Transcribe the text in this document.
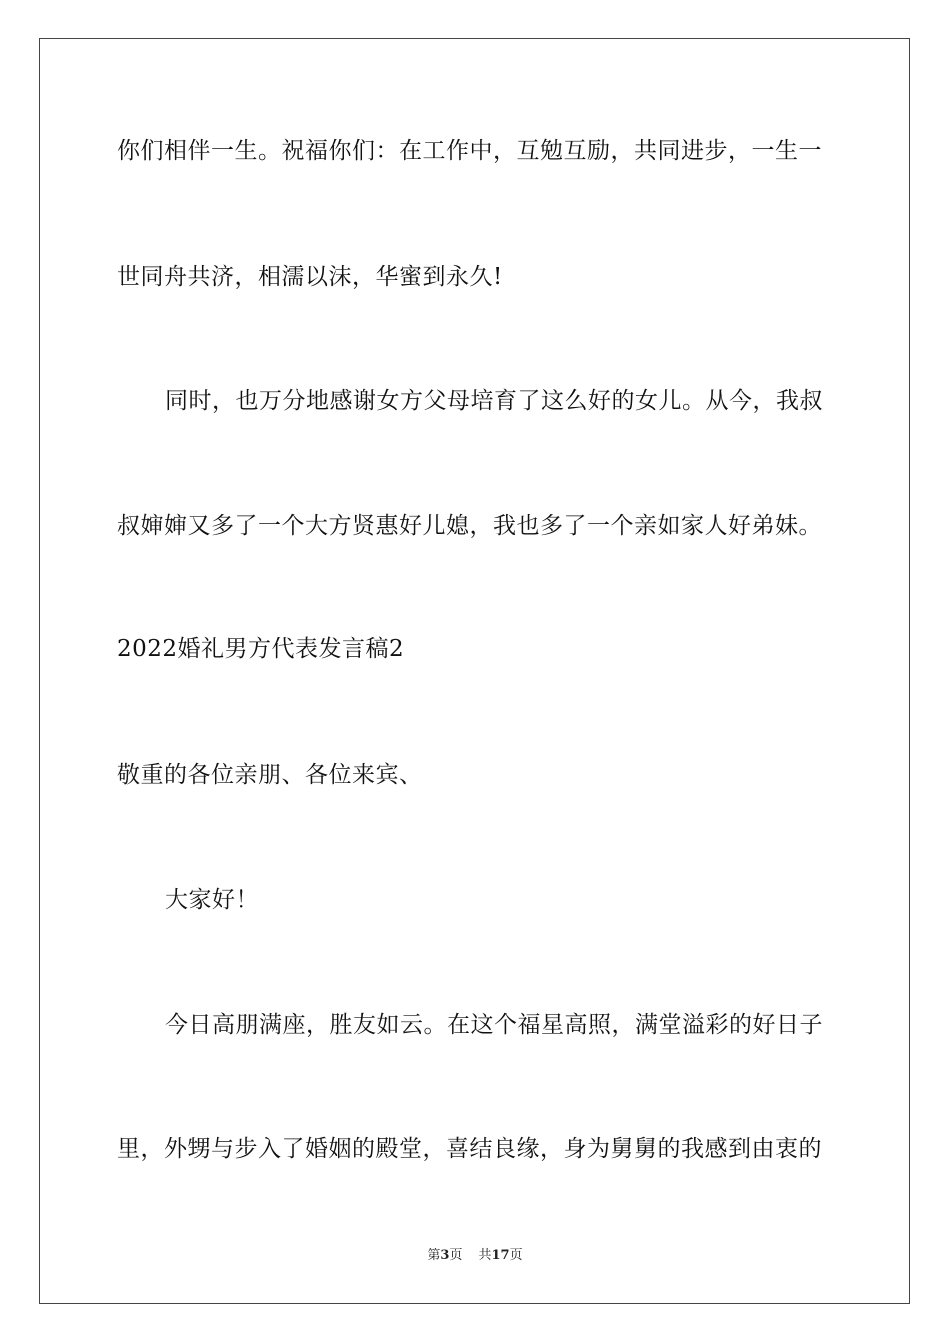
你们相伴一生。祝福你们：在工作中，互勉互励，共同进步，一生一
世同舟共济，相濡以沫，华蜜到永久!
同时，也万分地感谢女方父母培育了这么好的女儿。从今，我叔
叔婶婶又多了一个大方贤惠好儿媳，我也多了一个亲如家人好弟妹。
2022婚礼男方代表发言稿2
敬重的各位亲朋、各位来宾、
大家好！
今日高朋满座，胜友如云。在这个福星高照，满堂溢彩的好日子
里，外甥与步入了婚姻的殿堂，喜结良缘，身为舅舅的我感到由衷的
第3页 共17页
